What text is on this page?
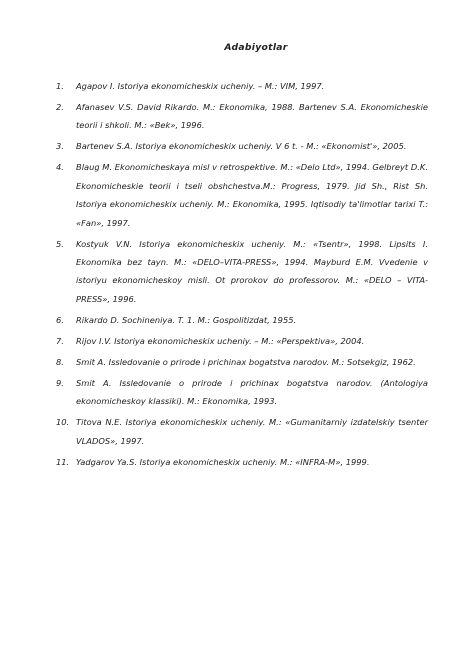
Adabiyotlar
1. Agapov I. Istoriya ekonomicheskix ucheniy. – M.: VIM, 1997.
2. Afanasev V.S. David Rikardo. M.: Ekonomika, 1988. Bartenev S.A. Ekonomicheskie teorii i shkoli. M.: «Bek», 1996.
3. Bartenev S.A. Istoriya ekonomicheskix ucheniy. V 6 t. - M.: «Ekonomist'», 2005.
4. Blaug M. Ekonomicheskaya misl v retrospektive. M.: «Delo Ltd», 1994. Gelbreyt D.K. Ekonomicheskie teorii i tseli obshchestva.M.: Progress, 1979. Jid Sh., Rist Sh. Istoriya ekonomicheskix ucheniy. M.: Ekonomika, 1995. Iqtisodiy ta'limotlar tarixi T.: «Fan», 1997.
5. Kostyuk V.N. Istoriya ekonomicheskix ucheniy. M.: «Tsentr», 1998. Lipsits I. Ekonomika bez tayn. M.: «DELO–VITA-PRESS», 1994. Mayburd E.M. Vvedenie v istoriyu ekonomicheskoy misli. Ot prorokov do professorov. M.: «DELO – VITA-PRESS», 1996.
6. Rikardo D. Sochineniya. T. 1. M.: Gospolitizdat, 1955.
7. Rijov I.V. Istoriya ekonomicheskix ucheniy. – M.: «Perspektiva», 2004.
8. Smit A. Issledovanie o prirode i prichinax bogatstva narodov. M.: Sotsekgiz, 1962.
9. Smit A. Issledovanie o prirode i prichinax bogatstva narodov. (Antologiya ekonomicheskoy klassiki). M.: Ekonomika, 1993.
10. Titova N.E. Istoriya ekonomicheskix ucheniy. M.: «Gumanitarniy izdatelskiy tsenter VLADOS», 1997.
11. Yadgarov Ya.S. Istoriya ekonomicheskix ucheniy. M.: «INFRA-M», 1999.
